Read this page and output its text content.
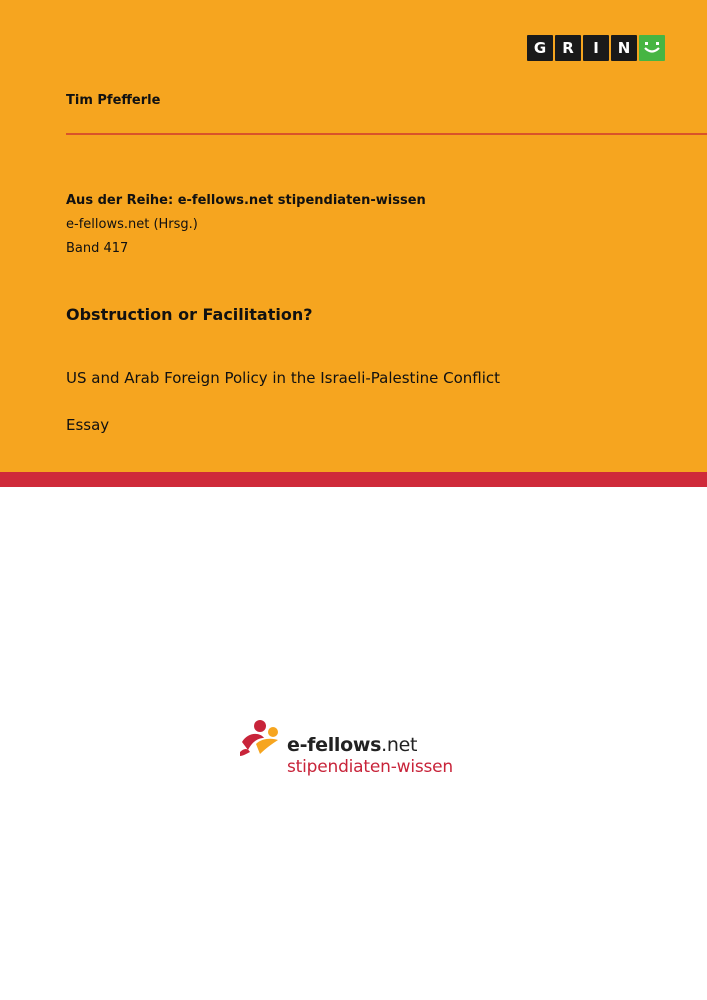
G	R	I	N
Tim Pfefferle
Aus der Reihe: e-fellows.net stipendiaten-wissen
e-fellows.net (Hrsg.)
Band 417
Obstruction or Facilitation?
US and Arab Foreign Policy in the Israeli-Palestine Conflict
Essay
e-fellows.net
stipendiaten-wissen
